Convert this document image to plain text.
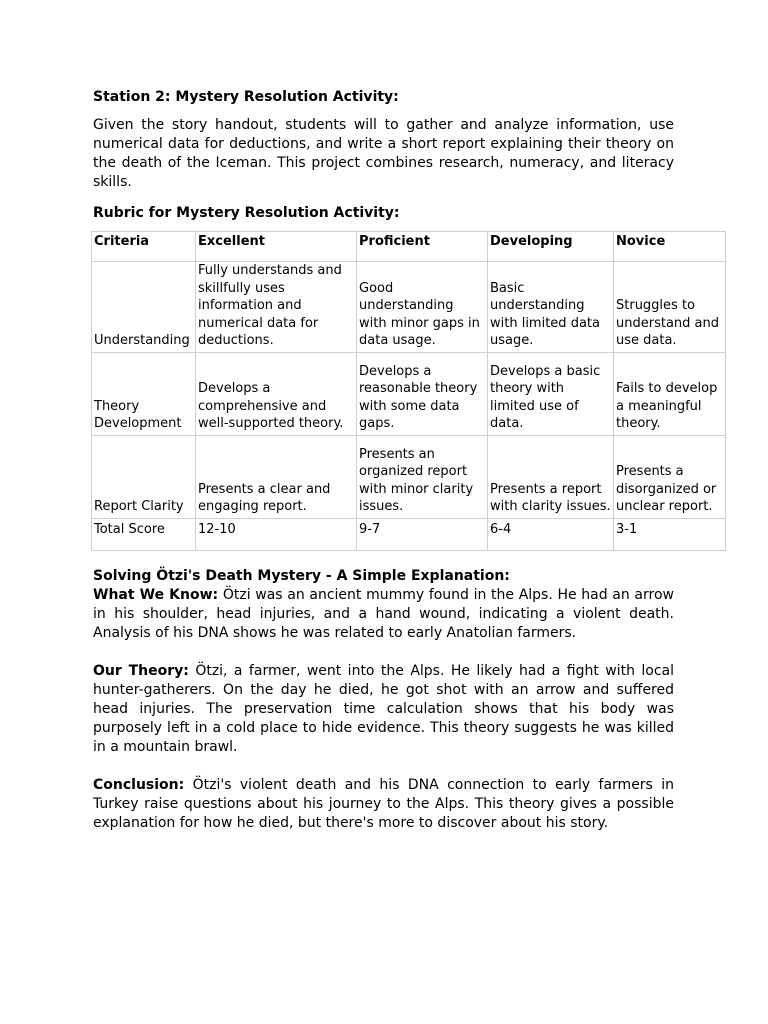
Station 2: Mystery Resolution Activity:

Given the story handout, students will to gather and analyze information, use numerical data for deductions, and write a short report explaining their theory on the death of the Iceman. This project combines research, numeracy, and literacy skills.

Rubric for Mystery Resolution Activity:

Criteria	Excellent	Proficient	Developing	Novice
Understanding	Fully understands and skillfully uses information and numerical data for deductions.	Good understanding with minor gaps in data usage.	Basic understanding with limited data usage.	Struggles to understand and use data.
Theory Development	Develops a comprehensive and well-supported theory.	Develops a reasonable theory with some data gaps.	Develops a basic theory with limited use of data.	Fails to develop a meaningful theory.
Report Clarity	Presents a clear and engaging report.	Presents an organized report with minor clarity issues.	Presents a report with clarity issues.	Presents a disorganized or unclear report.
Total Score	12-10	9-7	6-4	3-1

Solving Ötzi's Death Mystery - A Simple Explanation:

What We Know: Ötzi was an ancient mummy found in the Alps. He had an arrow in his shoulder, head injuries, and a hand wound, indicating a violent death. Analysis of his DNA shows he was related to early Anatolian farmers.

Our Theory: Ötzi, a farmer, went into the Alps. He likely had a fight with local hunter-gatherers. On the day he died, he got shot with an arrow and suffered head injuries. The preservation time calculation shows that his body was purposely left in a cold place to hide evidence. This theory suggests he was killed in a mountain brawl.

Conclusion: Ötzi's violent death and his DNA connection to early farmers in Turkey raise questions about his journey to the Alps. This theory gives a possible explanation for how he died, but there's more to discover about his story.
